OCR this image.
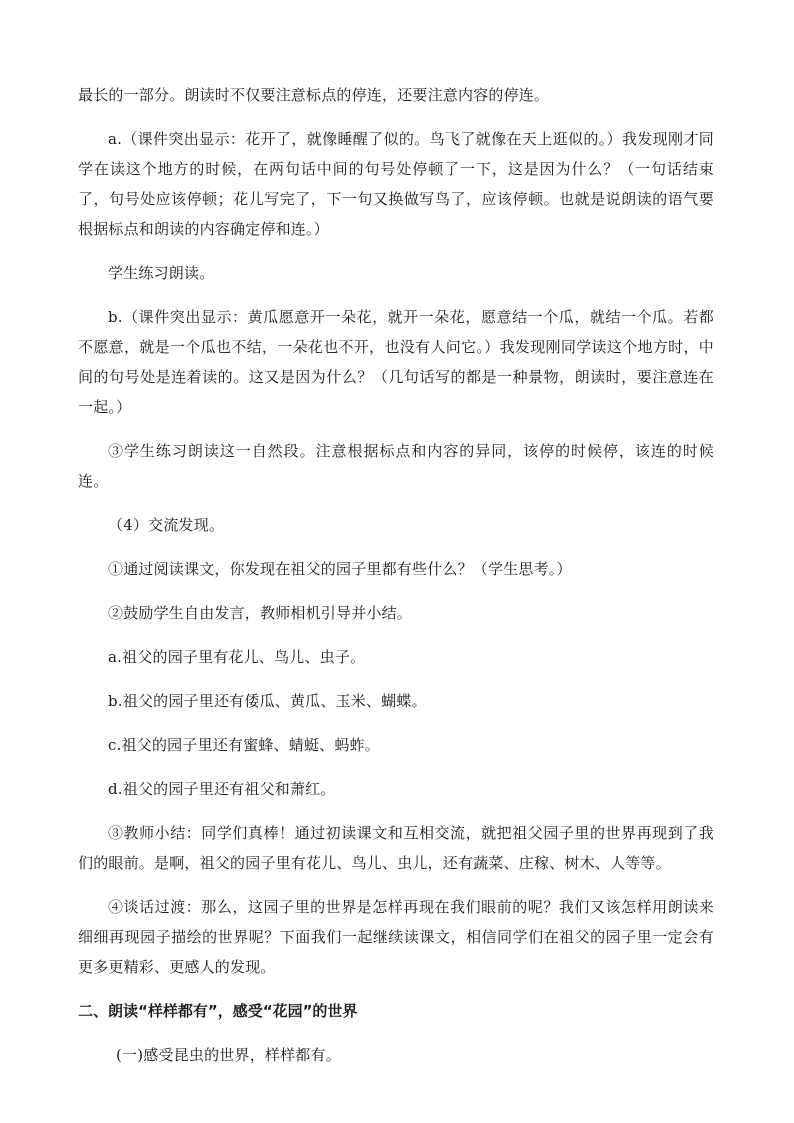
最长的一部分。朗读时不仅要注意标点的停连，还要注意内容的停连。

a.（课件突出显示：花开了，就像睡醒了似的。鸟飞了就像在天上逛似的。）我发现刚才同学在读这个地方的时候，在两句话中间的句号处停顿了一下，这是因为什么？（一句话结束了，句号处应该停顿；花儿写完了，下一句又换做写鸟了，应该停顿。也就是说朗读的语气要根据标点和朗读的内容确定停和连。）

学生练习朗读。

b.（课件突出显示：黄瓜愿意开一朵花，就开一朵花，愿意结一个瓜，就结一个瓜。若都不愿意，就是一个瓜也不结，一朵花也不开，也没有人问它。）我发现刚同学读这个地方时，中间的句号处是连着读的。这又是因为什么？（几句话写的都是一种景物，朗读时，要注意连在一起。）

③学生练习朗读这一自然段。注意根据标点和内容的异同，该停的时候停，该连的时候连。

（4）交流发现。

①通过阅读课文，你发现在祖父的园子里都有些什么？（学生思考。）

②鼓励学生自由发言，教师相机引导并小结。

a.祖父的园子里有花儿、鸟儿、虫子。

b.祖父的园子里还有倭瓜、黄瓜、玉米、蝴蝶。

c.祖父的园子里还有蜜蜂、蜻蜓、蚂蚱。

d.祖父的园子里还有祖父和萧红。

③教师小结：同学们真棒！通过初读课文和互相交流，就把祖父园子里的世界再现到了我们的眼前。是啊，祖父的园子里有花儿、鸟儿、虫儿，还有蔬菜、庄稼、树木、人等等。

④谈话过渡：那么，这园子里的世界是怎样再现在我们眼前的呢？我们又该怎样用朗读来细细再现园子描绘的世界呢？下面我们一起继续读课文，相信同学们在祖父的园子里一定会有更多更精彩、更感人的发现。

二、朗读“样样都有”，感受“花园”的世界

(一)感受昆虫的世界，样样都有。
